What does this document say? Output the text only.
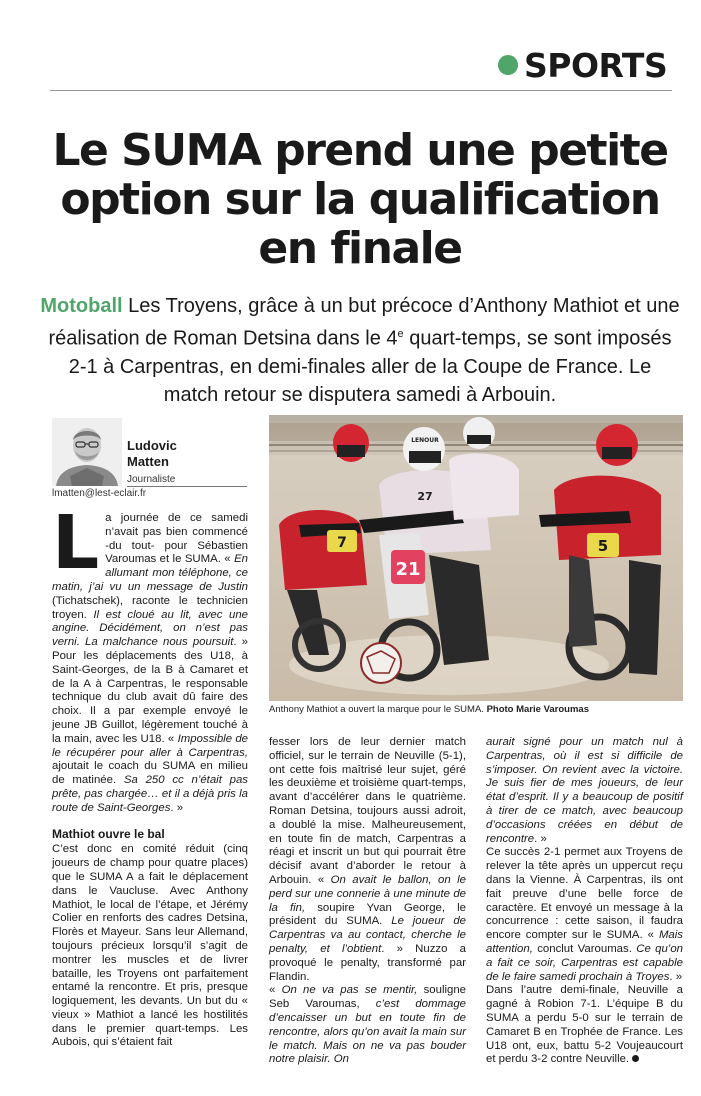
SPORTS
Le SUMA prend une petite
option sur la qualification
en finale
Motoball Les Troyens, grâce à un but précoce d’Anthony Mathiot et une réalisation de Roman Detsina dans le 4e quart-temps, se sont imposés 2-1 à Carpentras, en demi-finales aller de la Coupe de France. Le match retour se disputera samedi à Arbouin.
Ludovic
Matten
Journaliste
lmatten@lest-eclair.fr
7
LENOUR
27
21
5
Anthony Mathiot a ouvert la marque pour le SUMA. Photo Marie Varoumas

La journée de ce samedi n’avait pas bien commencé -du tout- pour Sébastien Varoumas et le SUMA. « En allumant mon téléphone, ce matin, j’ai vu un message de Justin (Tichatschek), raconte le technicien troyen. Il est cloué au lit, avec une angine. Décidément, on n’est pas verni. La malchance nous poursuit. » Pour les déplacements des U18, à Saint-Georges, de la B à Camaret et de la A à Carpentras, le responsable technique du club avait dû faire des choix. Il a par exemple envoyé le jeune JB Guillot, légèrement touché à la main, avec les U18. « Impossible de le récupérer pour aller à Carpentras, ajoutait le coach du SUMA en milieu de matinée. Sa 250 cc n’était pas prête, pas chargée… et il a déjà pris la route de Saint-Georges. »

Mathiot ouvre le bal

C’est donc en comité réduit (cinq joueurs de champ pour quatre places) que le SUMA A a fait le déplacement dans le Vaucluse. Avec Anthony Mathiot, le local de l’étape, et Jérémy Colier en renforts des cadres Detsina, Florès et Mayeur. Sans leur Allemand, toujours précieux lorsqu’il s’agit de montrer les muscles et de livrer bataille, les Troyens ont parfaitement entamé la rencontre. Et pris, presque logiquement, les devants. Un but du « vieux » Mathiot a lancé les hostilités dans le premier quart-temps. Les Aubois, qui s’étaient fait

fesser lors de leur dernier match officiel, sur le terrain de Neuville (5-1), ont cette fois maîtrisé leur sujet, géré les deuxième et troisième quart-temps, avant d’accélérer dans le quatrième. Roman Detsina, toujours aussi adroit, a doublé la mise. Malheureusement, en toute fin de match, Carpentras a réagi et inscrit un but qui pourrait être décisif avant d’aborder le retour à Arbouin. « On avait le ballon, on le perd sur une connerie à une minute de la fin, soupire Yvan George, le président du SUMA. Le joueur de Carpentras va au contact, cherche le penalty, et l’obtient. » Nuzzo a provoqué le penalty, transformé par Flandin.

« On ne va pas se mentir, souligne Seb Varoumas, c’est dommage d’encaisser un but en toute fin de rencontre, alors qu’on avait la main sur le match. Mais on ne va pas bouder notre plaisir. On

aurait signé pour un match nul à Carpentras, où il est si difficile de s’imposer. On revient avec la victoire. Je suis fier de mes joueurs, de leur état d’esprit. Il y a beaucoup de positif à tirer de ce match, avec beaucoup d’occasions créées en début de rencontre. »

Ce succès 2-1 permet aux Troyens de relever la tête après un uppercut reçu dans la Vienne. À Carpentras, ils ont fait preuve d’une belle force de caractère. Et envoyé un message à la concurrence : cette saison, il faudra encore compter sur le SUMA. « Mais attention, conclut Varoumas. Ce qu’on a fait ce soir, Carpentras est capable de le faire samedi prochain à Troyes. »

Dans l’autre demi-finale, Neuville a gagné à Robion 7-1. L’équipe B du SUMA a perdu 5-0 sur le terrain de Camaret B en Trophée de France. Les U18 ont, eux, battu 5-2 Voujeaucourt et perdu 3-2 contre Neuville.
